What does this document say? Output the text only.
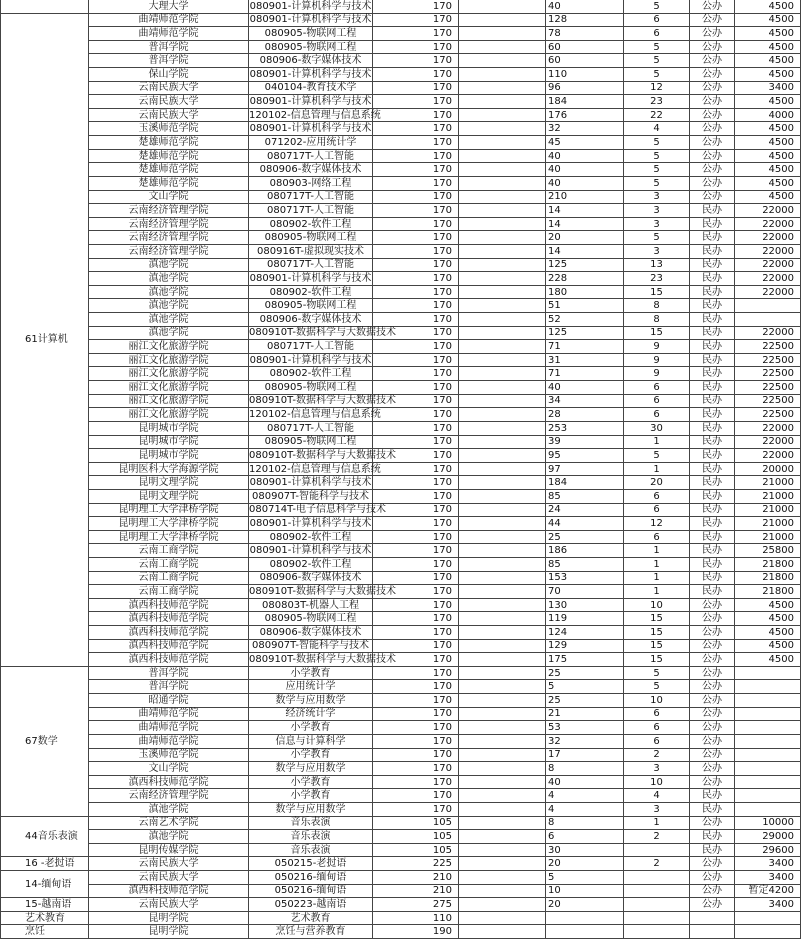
	大理大学	080901-计算机科学与技术	170		40	5	公办	4500
61计算机	曲靖师范学院	080901-计算机科学与技术	170		128	6	公办	4500
	曲靖师范学院	080905-物联网工程	170		78	6	公办	4500
	普洱学院	080905-物联网工程	170		60	5	公办	4500
	普洱学院	080906-数字媒体技术	170		60	5	公办	4500
	保山学院	080901-计算机科学与技术	170		110	5	公办	4500
	云南民族大学	040104-教育技术学	170		96	12	公办	3400
	云南民族大学	080901-计算机科学与技术	170		184	23	公办	4500
	云南民族大学	120102-信息管理与信息系统	170		176	22	公办	4000
	玉溪师范学院	080901-计算机科学与技术	170		32	4	公办	4500
	楚雄师范学院	071202-应用统计学	170		45	5	公办	4500
	楚雄师范学院	080717T-人工智能	170		40	5	公办	4500
	楚雄师范学院	080906-数字媒体技术	170		40	5	公办	4500
	楚雄师范学院	080903-网络工程	170		40	5	公办	4500
	文山学院	080717T-人工智能	170		210	3	公办	4500
	云南经济管理学院	080717T-人工智能	170		14	3	民办	22000
	云南经济管理学院	080902-软件工程	170		14	3	民办	22000
	云南经济管理学院	080905-物联网工程	170		20	5	民办	22000
	云南经济管理学院	080916T-虚拟现实技术	170		14	3	民办	22000
	滇池学院	080717T-人工智能	170		125	13	民办	22000
	滇池学院	080901-计算机科学与技术	170		228	23	民办	22000
	滇池学院	080902-软件工程	170		180	15	民办	22000
	滇池学院	080905-物联网工程	170		51	8	民办	
	滇池学院	080906-数字媒体技术	170		52	8	民办	
	滇池学院	080910T-数据科学与大数据技术	170		125	15	民办	22000
	丽江文化旅游学院	080717T-人工智能	170		71	9	民办	22500
	丽江文化旅游学院	080901-计算机科学与技术	170		31	9	民办	22500
	丽江文化旅游学院	080902-软件工程	170		71	9	民办	22500
	丽江文化旅游学院	080905-物联网工程	170		40	6	民办	22500
	丽江文化旅游学院	080910T-数据科学与大数据技术	170		34	6	民办	22500
	丽江文化旅游学院	120102-信息管理与信息系统	170		28	6	民办	22500
	昆明城市学院	080717T-人工智能	170		253	30	民办	22000
	昆明城市学院	080905-物联网工程	170		39	1	民办	22000
	昆明城市学院	080910T-数据科学与大数据技术	170		95	5	民办	22000
	昆明医科大学海源学院	120102-信息管理与信息系统	170		97	1	民办	20000
	昆明文理学院	080901-计算机科学与技术	170		184	20	民办	21000
	昆明文理学院	080907T-智能科学与技术	170		85	6	民办	21000
	昆明理工大学津桥学院	080714T-电子信息科学与技术	170		24	6	民办	21000
	昆明理工大学津桥学院	080901-计算机科学与技术	170		44	12	民办	21000
	昆明理工大学津桥学院	080902-软件工程	170		25	6	民办	21000
	云南工商学院	080901-计算机科学与技术	170		186	1	民办	25800
	云南工商学院	080902-软件工程	170		85	1	民办	21800
	云南工商学院	080906-数字媒体技术	170		153	1	民办	21800
	云南工商学院	080910T-数据科学与大数据技术	170		70	1	民办	21800
	滇西科技师范学院	080803T-机器人工程	170		130	10	公办	4500
	滇西科技师范学院	080905-物联网工程	170		119	15	公办	4500
	滇西科技师范学院	080906-数字媒体技术	170		124	15	公办	4500
	滇西科技师范学院	080907T-智能科学与技术	170		129	15	公办	4500
	滇西科技师范学院	080910T-数据科学与大数据技术	170		175	15	公办	4500
67数学	普洱学院	小学教育	170		25	5	公办	
	普洱学院	应用统计学	170		5	5	公办	
	昭通学院	数学与应用数学	170		25	10	公办	
	曲靖师范学院	经济统计学	170		21	6	公办	
	曲靖师范学院	小学教育	170		53	6	公办	
	曲靖师范学院	信息与计算科学	170		32	6	公办	
	玉溪师范学院	小学教育	170		17	2	公办	
	文山学院	数学与应用数学	170		8	3	公办	
	滇西科技师范学院	小学教育	170		40	10	公办	
	云南经济管理学院	小学教育	170		4	4	民办	
	滇池学院	数学与应用数学	170		4	3	民办	
44音乐表演	云南艺术学院	音乐表演	105		8	1	公办	10000
	滇池学院	音乐表演	105		6	2	民办	29000
	昆明传媒学院	音乐表演	105		30		民办	29600
16 -老挝语	云南民族大学	050215-老挝语	225		20	2	公办	3400
14-缅甸语	云南民族大学	050216-缅甸语	210		5		公办	3400
	滇西科技师范学院	050216-缅甸语	210		10		公办	暂定4200
15-越南语	云南民族大学	050223-越南语	275		20		公办	3400
艺术教育	昆明学院	艺术教育	110					
烹饪	昆明学院	烹饪与营养教育	190					
